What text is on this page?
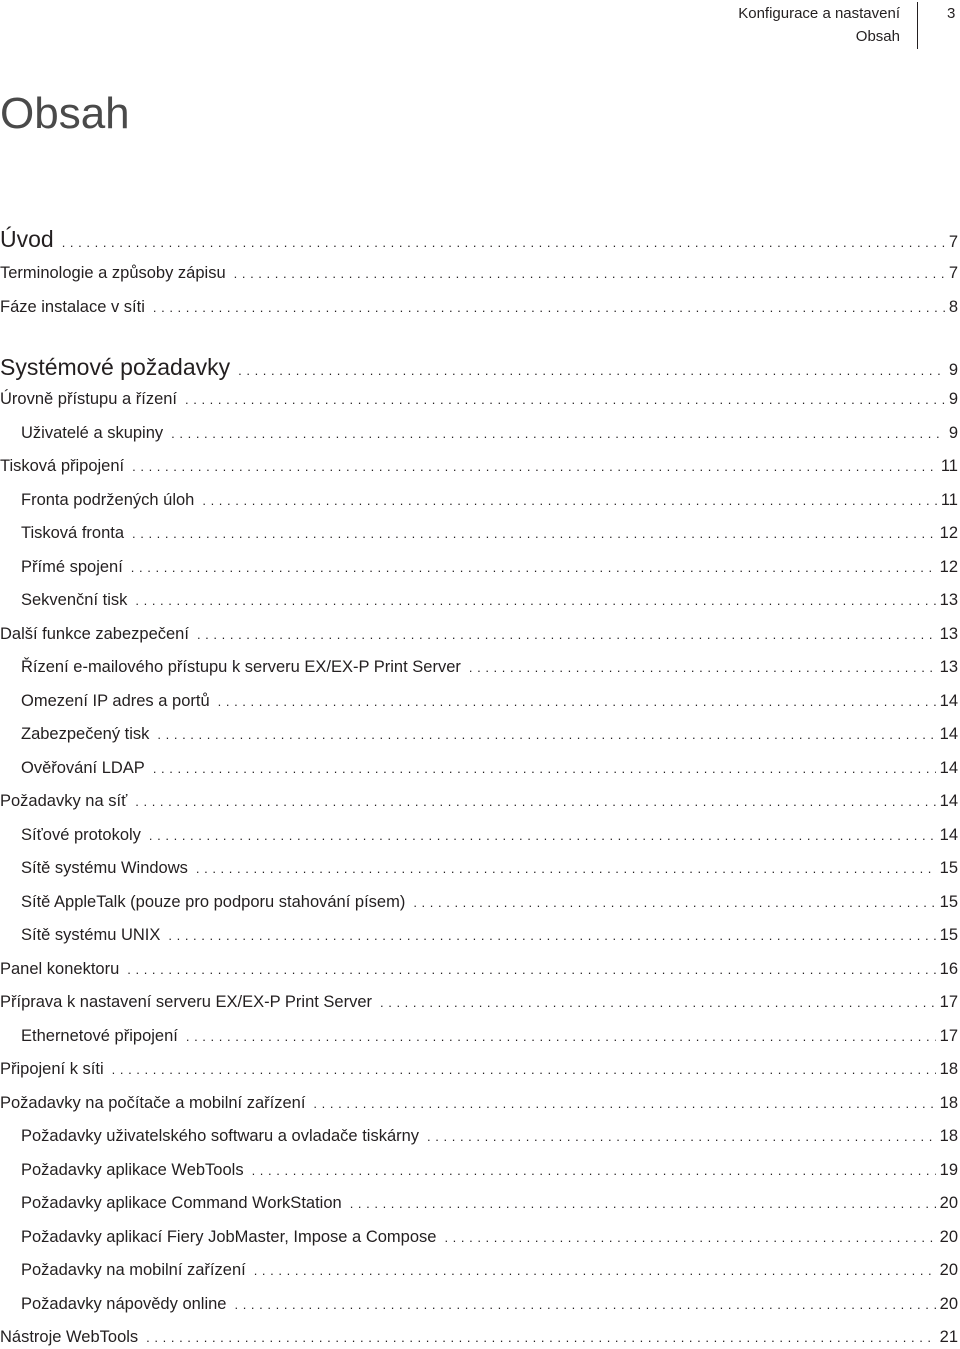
Konfigurace a nastavení
Obsah
3
Obsah
Úvod . . .	7
Terminologie a způsoby zápisu . . .	7
Fáze instalace v síti . . .	8
Systémové požadavky . . .	9
Úrovně přístupu a řízení . . .	9
Uživatelé a skupiny . . .	9
Tisková připojení . . .	11
Fronta podržených úloh . . .	11
Tisková fronta . . .	12
Přímé spojení . . .	12
Sekvenční tisk . . .	13
Další funkce zabezpečení . . .	13
Řízení e-mailového přístupu k serveru EX/EX-P Print Server . . .	13
Omezení IP adres a portů . . .	14
Zabezpečený tisk . . .	14
Ověřování LDAP . . .	14
Požadavky na síť . . .	14
Síťové protokoly . . .	14
Sítě systému Windows . . .	15
Sítě AppleTalk (pouze pro podporu stahování písem) . . .	15
Sítě systému UNIX . . .	15
Panel konektoru . . .	16
Příprava k nastavení serveru EX/EX-P Print Server . . .	17
Ethernetové připojení . . .	17
Připojení k síti . . .	18
Požadavky na počítače a mobilní zařízení . . .	18
Požadavky uživatelského softwaru a ovladače tiskárny . . .	18
Požadavky aplikace WebTools . . .	19
Požadavky aplikace Command WorkStation . . .	20
Požadavky aplikací Fiery JobMaster, Impose a Compose . . .	20
Požadavky na mobilní zařízení . . .	20
Požadavky nápovědy online . . .	20
Nástroje WebTools . . .	21
